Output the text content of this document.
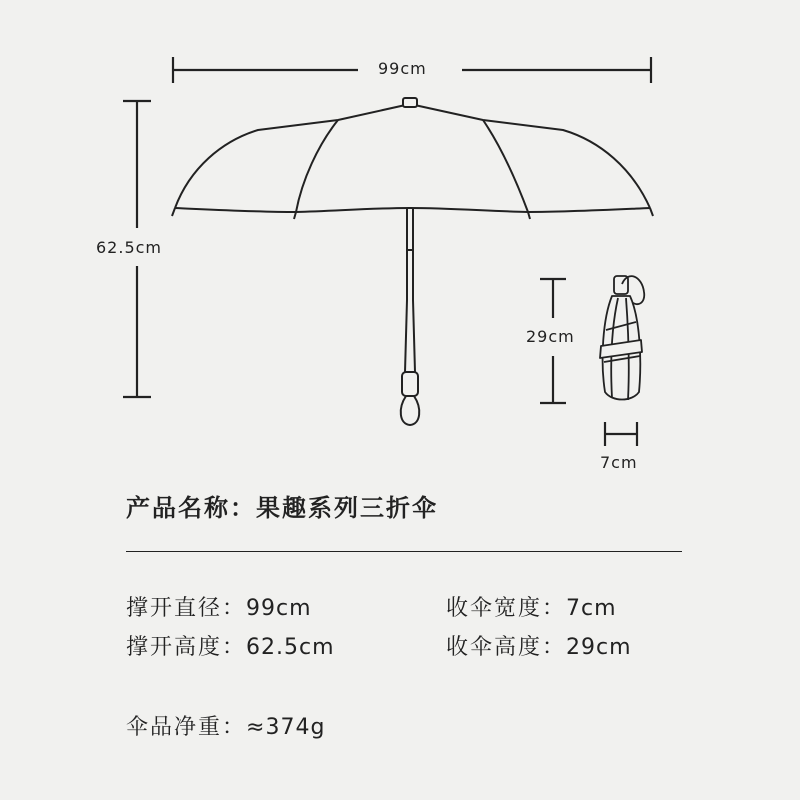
99cm
62.5cm
29cm
7cm
产品名称：果趣系列三折伞
撑开直径：99cm
撑开高度：62.5cm
收伞宽度：7cm
收伞高度：29cm
伞品净重：≈374g
